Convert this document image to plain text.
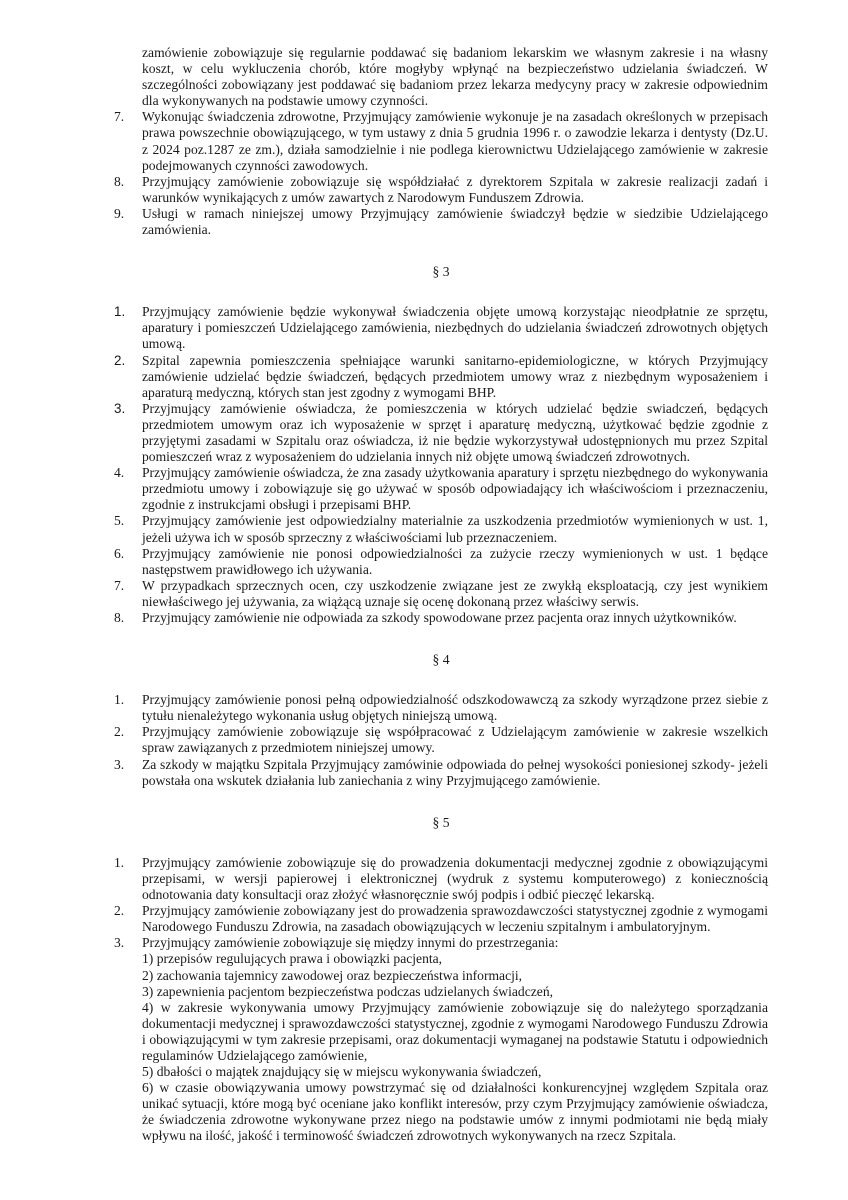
zamówienie zobowiązuje się regularnie poddawać się badaniom lekarskim we własnym zakresie i na własny koszt, w celu wykluczenia chorób, które mogłyby wpłynąć na bezpieczeństwo udzielania świadczeń. W szczególności zobowiązany jest poddawać się badaniom przez lekarza medycyny pracy w zakresie odpowiednim dla wykonywanych na podstawie umowy czynności.

7.	Wykonując świadczenia zdrowotne, Przyjmujący zamówienie wykonuje je na zasadach określonych w przepisach prawa powszechnie obowiązującego, w tym ustawy z dnia 5 grudnia 1996 r. o zawodzie lekarza i dentysty (Dz.U. z 2024 poz.1287 ze zm.), działa samodzielnie i nie podlega kierownictwu Udzielającego zamówienie w zakresie podejmowanych czynności zawodowych.
8.	Przyjmujący zamówienie zobowiązuje się współdziałać z dyrektorem Szpitala w zakresie realizacji zadań i warunków wynikających z umów zawartych z Narodowym Funduszem Zdrowia.
9.	Usługi w ramach niniejszej umowy Przyjmujący zamówienie świadczył będzie w siedzibie Udzielającego zamówienia.
§ 3
1.	Przyjmujący zamówienie będzie wykonywał świadczenia objęte umową korzystając nieodpłatnie ze sprzętu, aparatury i pomieszczeń Udzielającego zamówienia, niezbędnych do udzielania świadczeń zdrowotnych objętych umową.
2.	Szpital zapewnia pomieszczenia spełniające warunki sanitarno-epidemiologiczne, w których Przyjmujący zamówienie udzielać będzie świadczeń, będących przedmiotem umowy wraz z niezbędnym wyposażeniem i aparaturą medyczną, których stan jest zgodny z wymogami BHP.
3.	Przyjmujący zamówienie oświadcza, że pomieszczenia w których udzielać będzie swiadczeń, będących przedmiotem umowym oraz ich wyposażenie w sprzęt i aparaturę medyczną, użytkować będzie zgodnie z przyjętymi zasadami w Szpitalu oraz oświadcza, iż nie będzie wykorzystywał udostępnionych mu przez Szpital pomieszczeń wraz z wyposażeniem do udzielania innych niż objęte umową świadczeń zdrowotnych.
4.	Przyjmujący zamówienie oświadcza, że zna zasady użytkowania aparatury i sprzętu niezbędnego do wykonywania przedmiotu umowy i zobowiązuje się go używać w sposób odpowiadający ich właściwościom i przeznaczeniu, zgodnie z instrukcjami obsługi i przepisami BHP.
5.	Przyjmujący zamówienie jest odpowiedzialny materialnie za uszkodzenia przedmiotów wymienionych w ust. 1, jeżeli używa ich w sposób sprzeczny z właściwościami lub przeznaczeniem.
6.	Przyjmujący zamówienie nie ponosi odpowiedzialności za zużycie rzeczy wymienionych w ust. 1 będące następstwem prawidłowego ich używania.
7.	W przypadkach sprzecznych ocen, czy uszkodzenie związane jest ze zwykłą eksploatacją, czy jest wynikiem niewłaściwego jej używania, za wiążącą uznaje się ocenę dokonaną przez właściwy serwis.
8.	Przyjmujący zamówienie nie odpowiada za szkody spowodowane przez pacjenta oraz innych użytkowników.
§ 4
1.	Przyjmujący zamówienie ponosi pełną odpowiedzialność odszkodowawczą za szkody wyrządzone przez siebie z tytułu nienależytego wykonania usług objętych niniejszą umową.
2.	Przyjmujący zamówienie zobowiązuje się współpracować z Udzielającym zamówienie w zakresie wszelkich spraw zawiązanych z przedmiotem niniejszej umowy.
3.	Za szkody w majątku Szpitala Przyjmujący zamówinie odpowiada do pełnej wysokości poniesionej szkody- jeżeli powstała ona wskutek działania lub zaniechania z winy Przyjmującego zamówienie.
§ 5
1.	Przyjmujący zamówienie zobowiązuje się do prowadzenia dokumentacji medycznej zgodnie z obowiązującymi przepisami, w wersji papierowej i elektronicznej (wydruk z systemu komputerowego) z koniecznością odnotowania daty konsultacji oraz złożyć własnoręcznie swój podpis i odbić pieczęć lekarską.
2.	Przyjmujący zamówienie zobowiązany jest do prowadzenia sprawozdawczości statystycznej zgodnie z wymogami Narodowego Funduszu Zdrowia, na zasadach obowiązujących w leczeniu szpitalnym i ambulatoryjnym.
3.	Przyjmujący zamówienie zobowiązuje się między innymi do przestrzegania:
1) przepisów regulujących prawa i obowiązki pacjenta,
2) zachowania tajemnicy zawodowej oraz bezpieczeństwa informacji,
3) zapewnienia pacjentom bezpieczeństwa podczas udzielanych świadczeń,
4) w zakresie wykonywania umowy Przyjmujący zamówienie zobowiązuje się do należytego sporządzania dokumentacji medycznej i sprawozdawczości statystycznej, zgodnie z wymogami Narodowego Funduszu Zdrowia i obowiązującymi w tym zakresie przepisami, oraz dokumentacji wymaganej na podstawie Statutu i odpowiednich regulaminów Udzielającego zamówienie,
5) dbałości o majątek znajdujący się w miejscu wykonywania świadczeń,
6) w czasie obowiązywania umowy powstrzymać się od działalności konkurencyjnej względem Szpitala oraz unikać sytuacji, które mogą być oceniane jako konflikt interesów, przy czym Przyjmujący zamówienie oświadcza, że świadczenia zdrowotne wykonywane przez niego na podstawie umów z innymi podmiotami nie będą miały wpływu na ilość, jakość i terminowość świadczeń zdrowotnych wykonywanych na rzecz Szpitala.
